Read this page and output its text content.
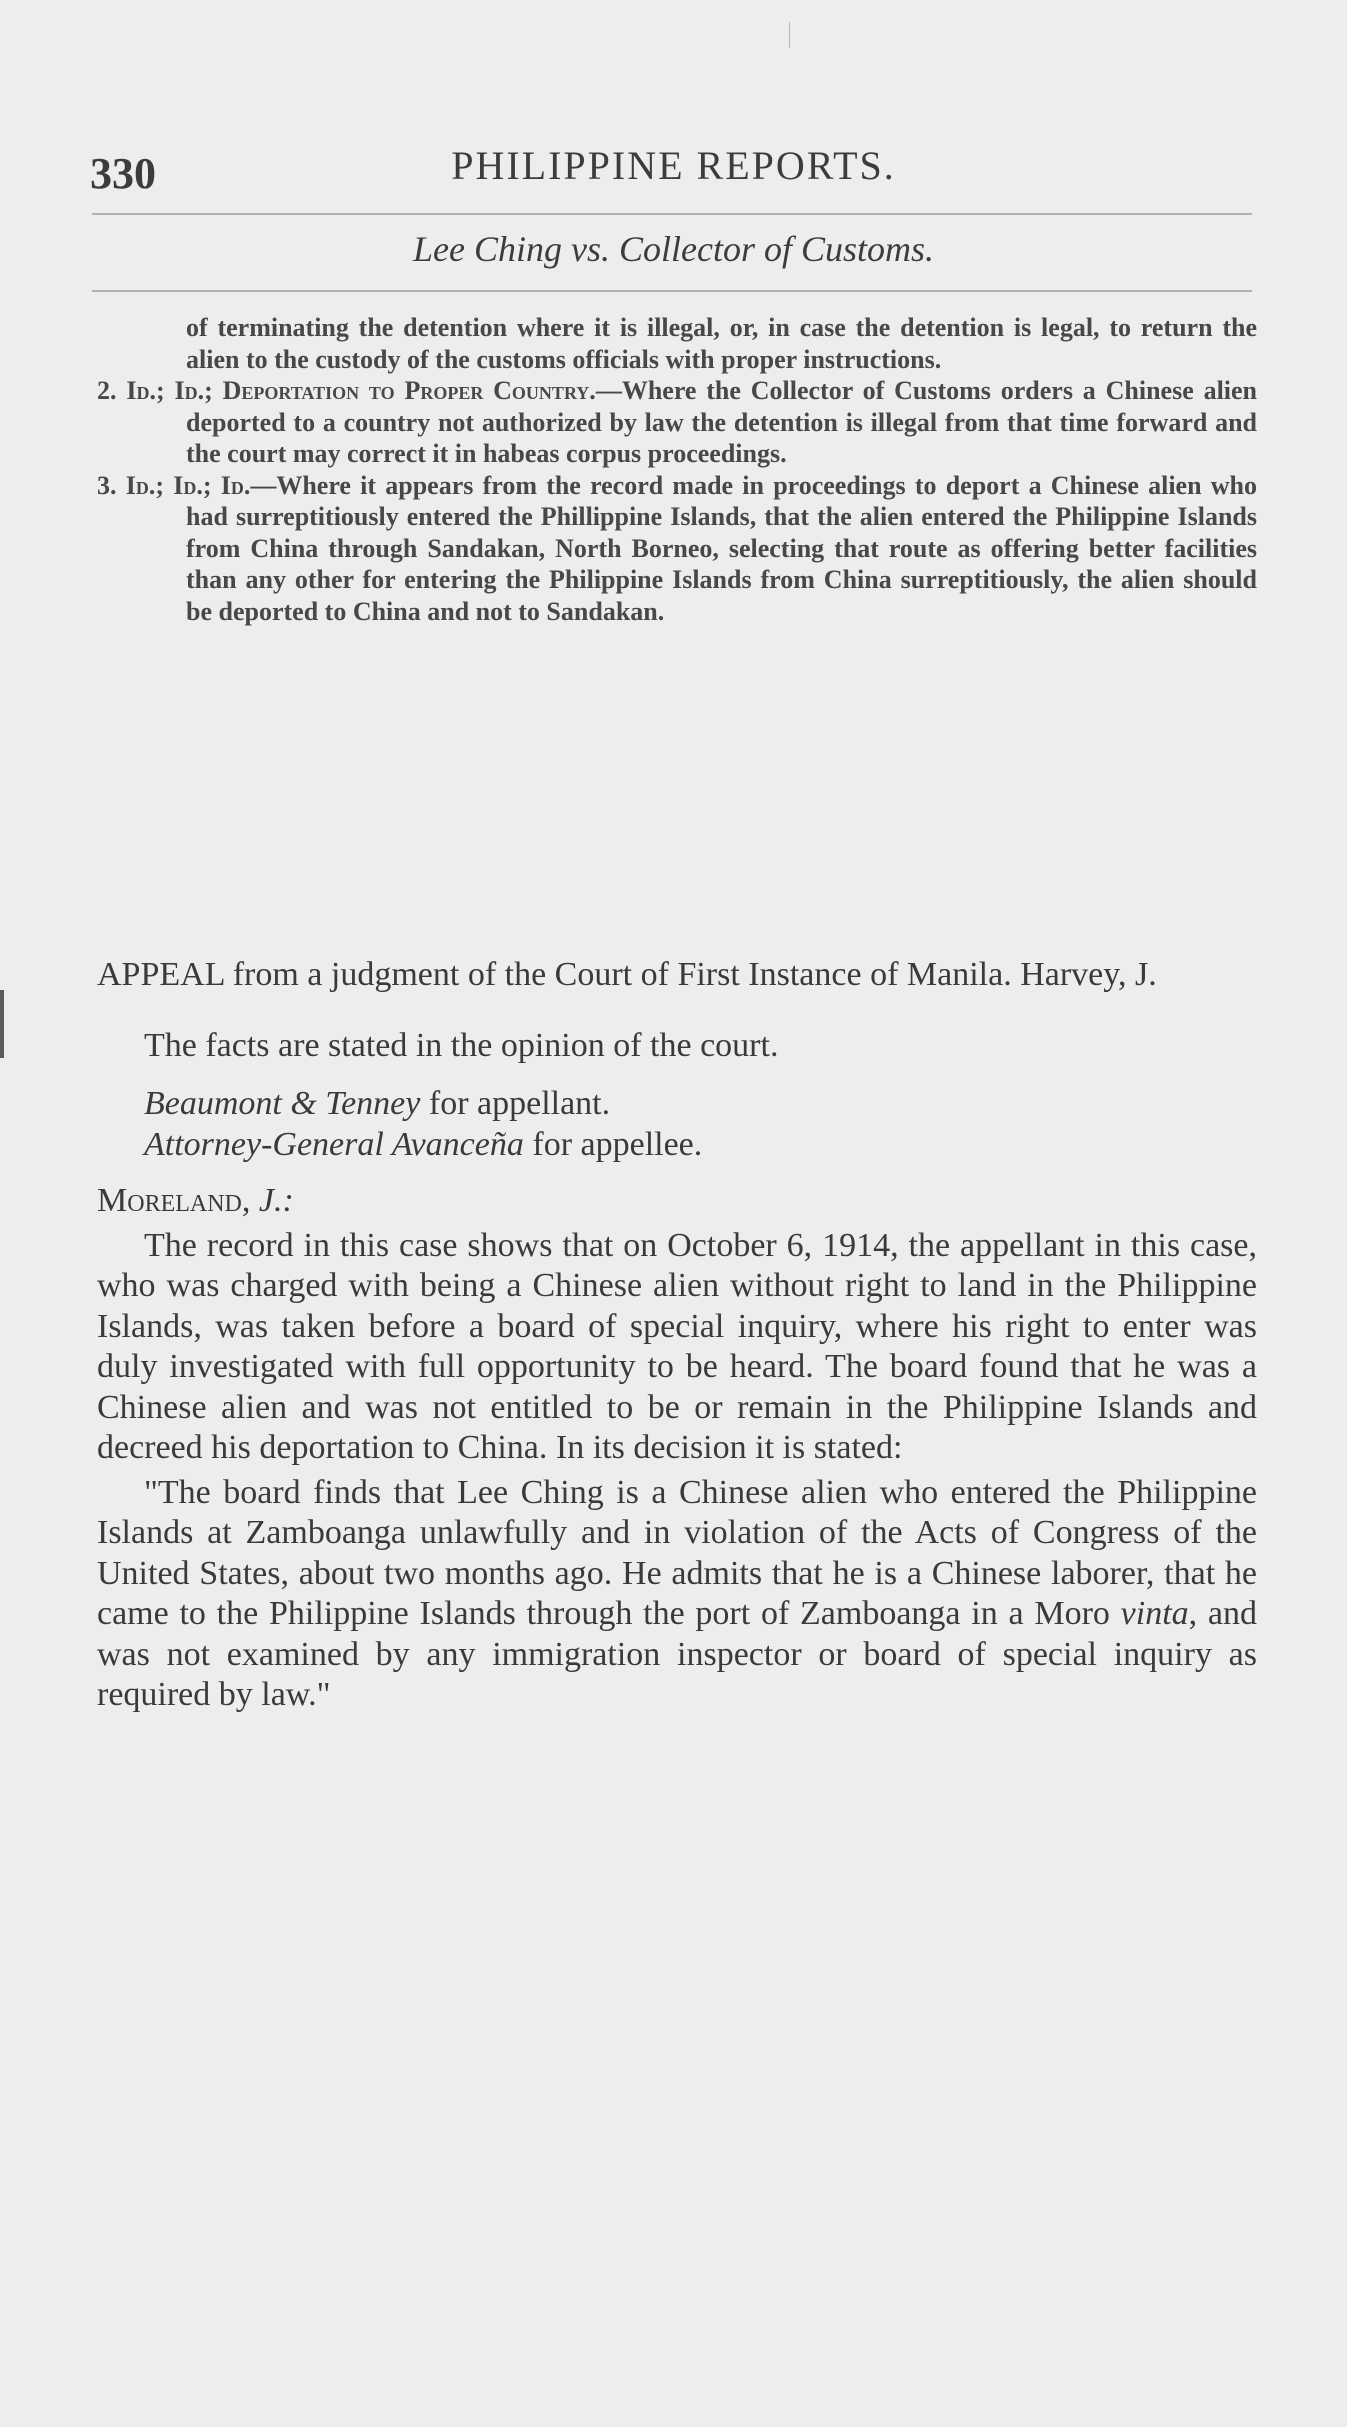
330	PHILIPPINE REPORTS.
Lee Ching vs. Collector of Customs.

of terminating the detention where it is illegal, or, in case the detention is legal, to return the alien to the custody of the customs officials with proper instructions.

2. Id.; Id.; Deportation to Proper Country.—Where the Collector of Customs orders a Chinese alien deported to a country not authorized by law the detention is illegal from that time forward and the court may correct it in habeas corpus proceedings.

3. Id.; Id.; Id.—Where it appears from the record made in proceedings to deport a Chinese alien who had surreptitiously entered the Phillippine Islands, that the alien entered the Philippine Islands from China through Sandakan, North Borneo, selecting that route as offering better facilities than any other for entering the Philippine Islands from China surreptitiously, the alien should be deported to China and not to Sandakan.

APPEAL from a judgment of the Court of First Instance of Manila. Harvey, J.

The facts are stated in the opinion of the court.

Beaumont & Tenney for appellant.

Attorney-General Avanceña for appellee.

Moreland, J.:

The record in this case shows that on October 6, 1914, the appellant in this case, who was charged with being a Chinese alien without right to land in the Philippine Islands, was taken before a board of special inquiry, where his right to enter was duly investigated with full opportunity to be heard. The board found that he was a Chinese alien and was not entitled to be or remain in the Philippine Islands and decreed his deportation to China. In its decision it is stated:

"The board finds that Lee Ching is a Chinese alien who entered the Philippine Islands at Zamboanga unlawfully and in violation of the Acts of Congress of the United States, about two months ago. He admits that he is a Chinese laborer, that he came to the Philippine Islands through the port of Zamboanga in a Moro vinta, and was not examined by any immigration inspector or board of special inquiry as required by law."
